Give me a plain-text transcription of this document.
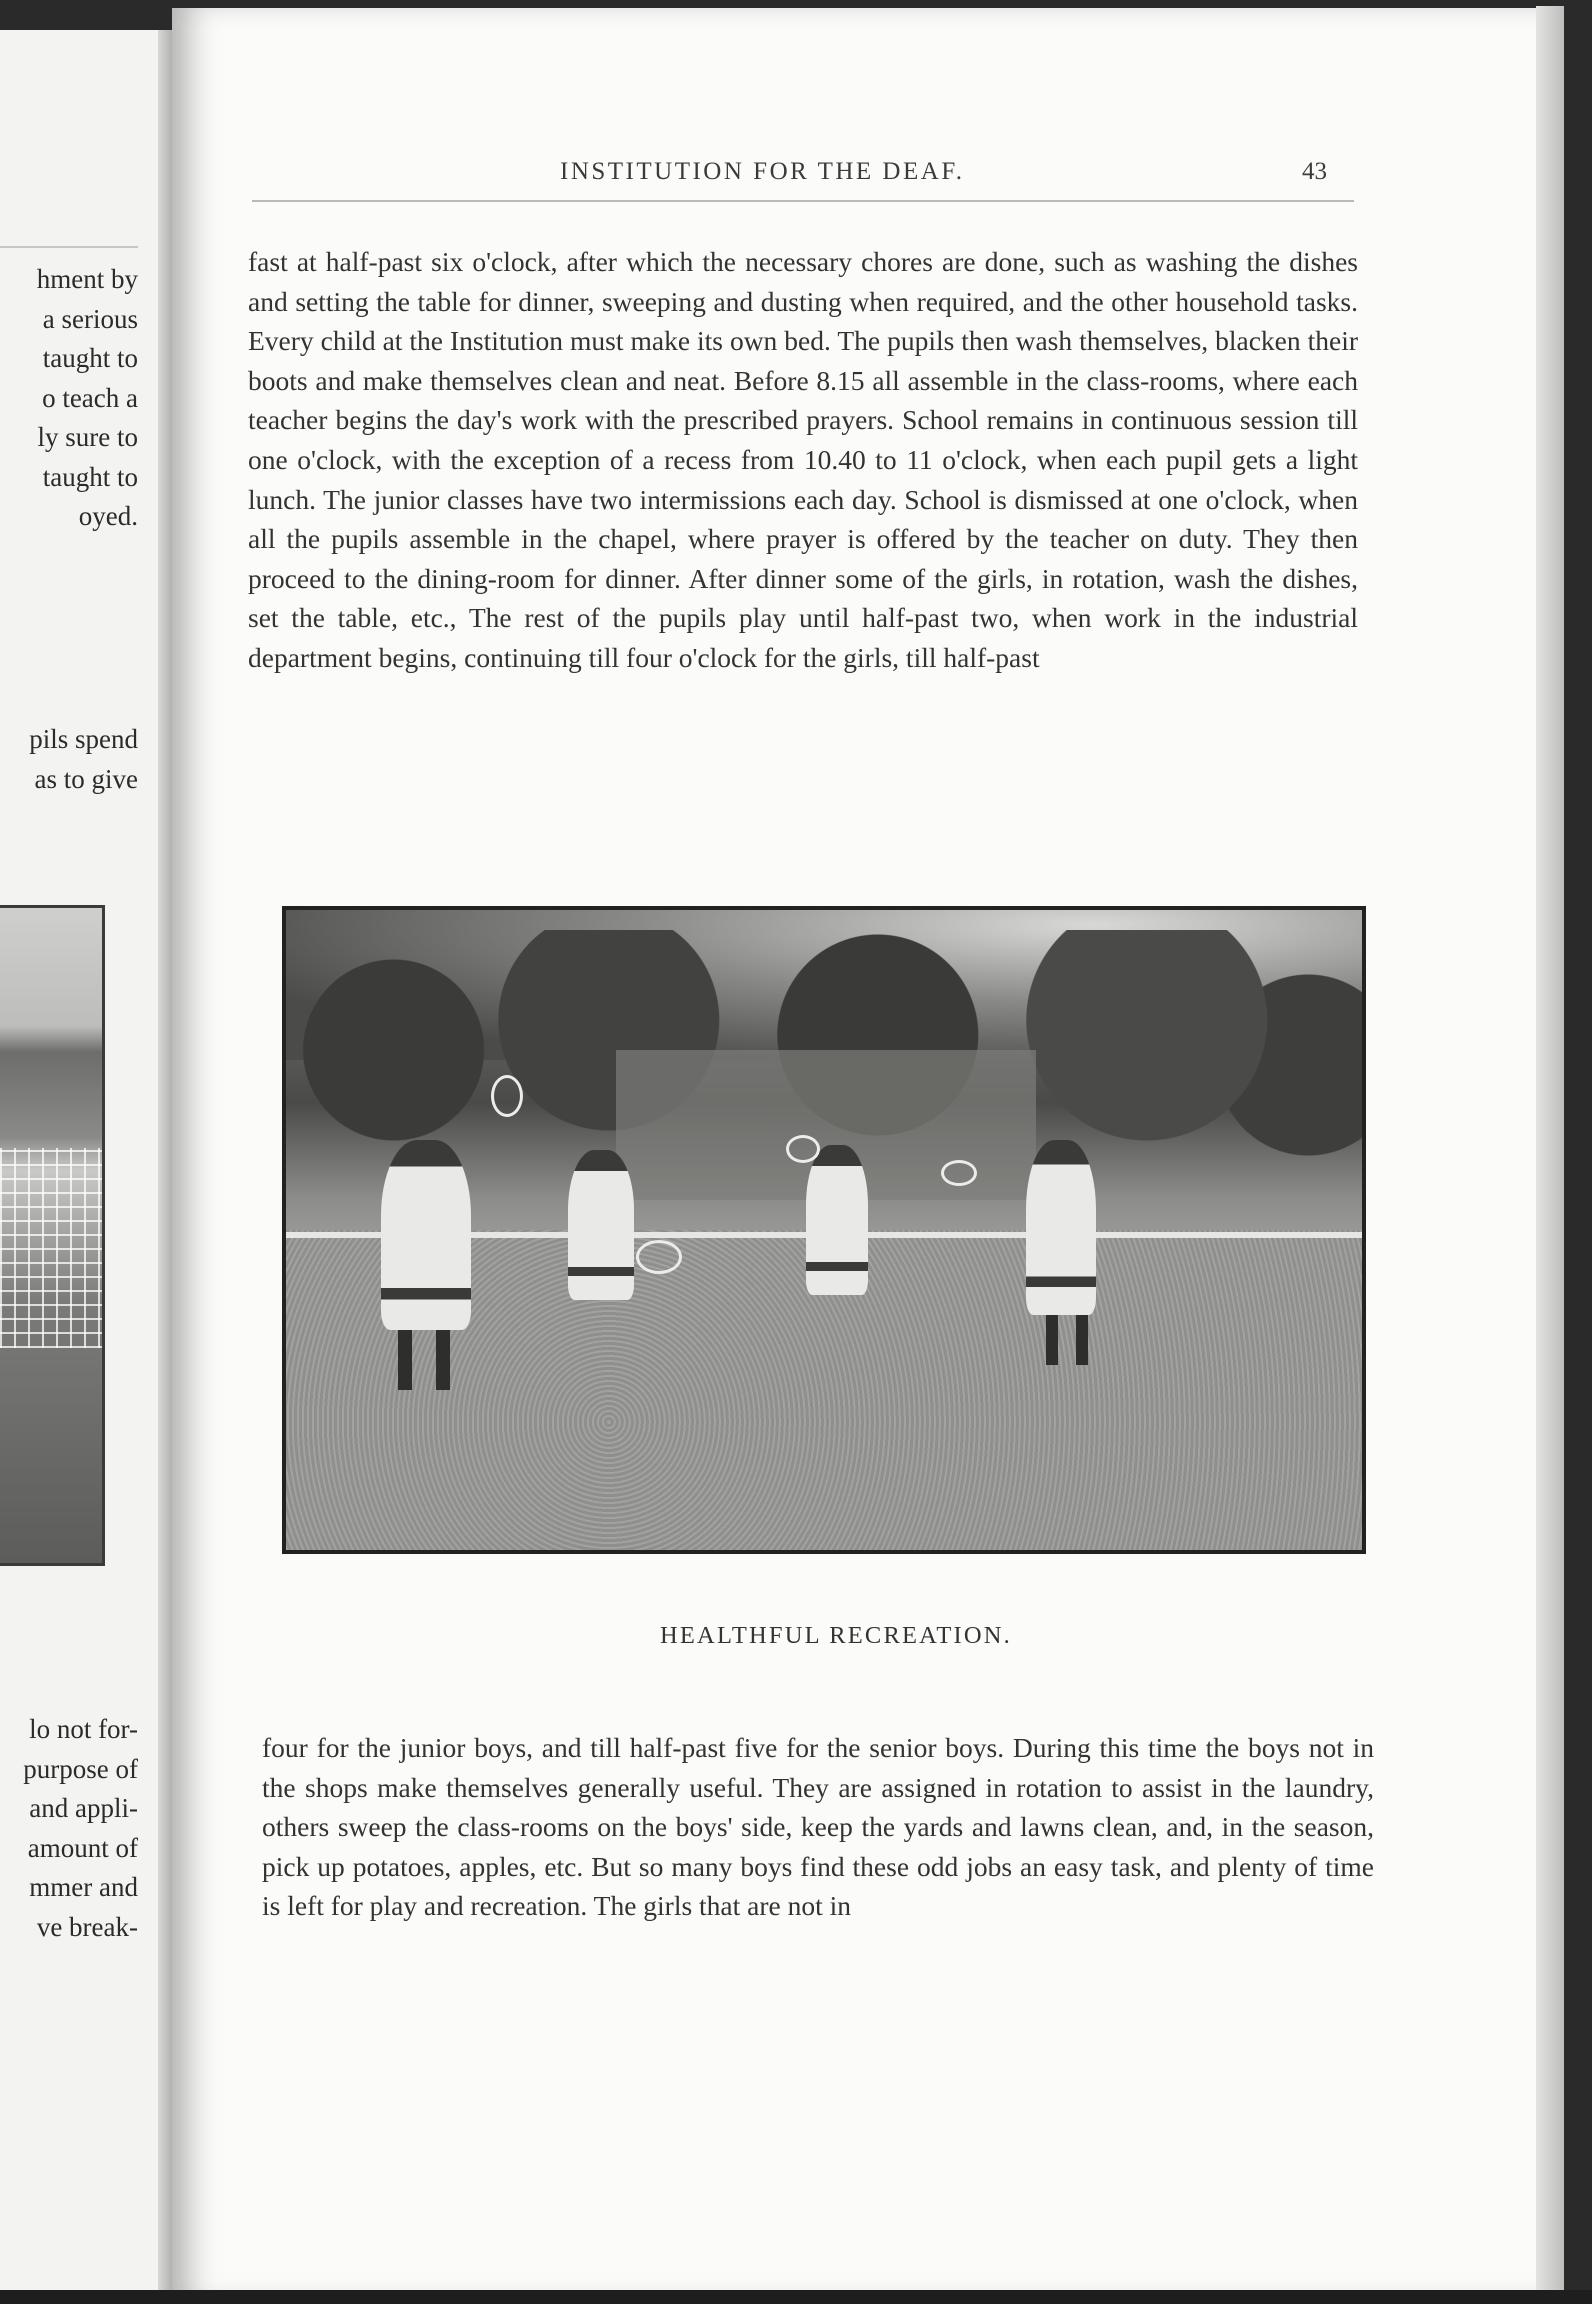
hment by
a serious
taught to
o teach a
ly sure to
taught to
oyed.
pils spend
as to give
lo not for-
purpose of
and appli-
amount of
mmer and
ve break-
INSTITUTION FOR THE DEAF.	43

fast at half-past six o'clock, after which the necessary chores are done, such as washing the dishes and setting the table for dinner, sweeping and dusting when required, and the other household tasks. Every child at the Institution must make its own bed. The pupils then wash themselves, blacken their boots and make themselves clean and neat. Before 8.15 all assemble in the class-rooms, where each teacher begins the day's work with the prescribed prayers. School remains in continuous session till one o'clock, with the exception of a recess from 10.40 to 11 o'clock, when each pupil gets a light lunch. The junior classes have two intermissions each day. School is dismissed at one o'clock, when all the pupils assemble in the chapel, where prayer is offered by the teacher on duty. They then proceed to the dining-room for dinner. After dinner some of the girls, in rotation, wash the dishes, set the table, etc., The rest of the pupils play until half-past two, when work in the industrial department begins, continuing till four o'clock for the girls, till half-past

HEALTHFUL RECREATION.

four for the junior boys, and till half-past five for the senior boys. During this time the boys not in the shops make themselves generally useful. They are assigned in rotation to assist in the laundry, others sweep the class-rooms on the boys' side, keep the yards and lawns clean, and, in the season, pick up potatoes, apples, etc. But so many boys find these odd jobs an easy task, and plenty of time is left for play and recreation. The girls that are not in
